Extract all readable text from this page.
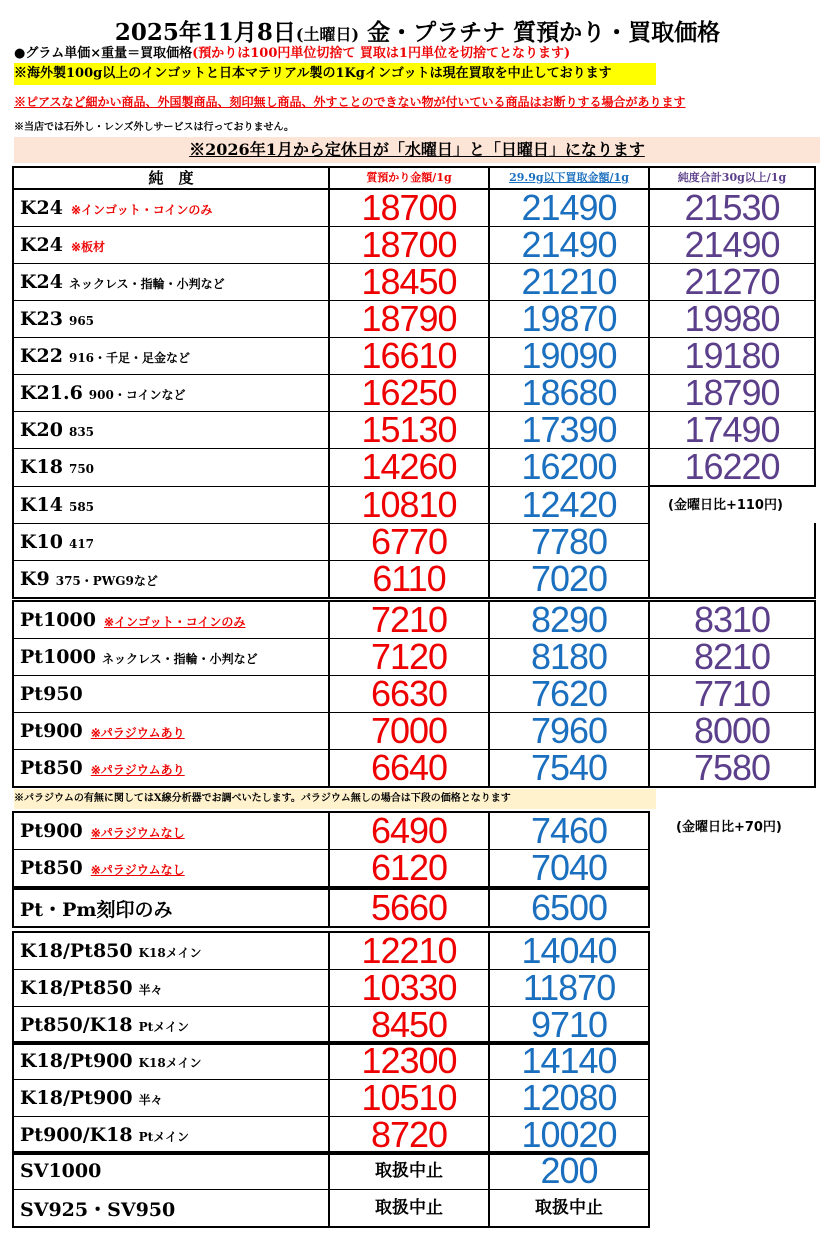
2025年11月8日(土曜日) 金・プラチナ 質預かり・買取価格
●グラム単価×重量＝買取価格(預かりは100円単位切捨て 買取は1円単位を切捨てとなります)
※海外製100g以上のインゴットと日本マテリアル製の1Kgインゴットは現在買取を中止しております
※ピアスなど細かい商品、外国製商品、刻印無し商品、外すことのできない物が付いている商品はお断りする場合があります
※当店では石外し・レンズ外しサービスは行っておりません。
※2026年1月から定休日が「水曜日」と「日曜日」になります
純　度	質預かり金額/1g	29.9g以下買取金額/1g	純度合計30g以上/1g
K24 ※インゴット・コインのみ	18700	21490	21530
K24 ※板材	18700	21490	21490
K24 ネックレス・指輪・小判など	18450	21210	21270
K23 965	18790	19870	19980
K22 916・千足・足金など	16610	19090	19180
K21.6 900・コインなど	16250	18680	18790
K20 835	15130	17390	17490
K18 750	14260	16200	16220
K14 585	10810	12420	
K10 417	6770	7780	
K9 375・PWG9など	6110	7020	
(金曜日比+110円)
Pt1000 ※インゴット・コインのみ	7210	8290	8310
Pt1000 ネックレス・指輪・小判など	7120	8180	8210
Pt950	6630	7620	7710
Pt900 ※パラジウムあり	7000	7960	8000
Pt850 ※パラジウムあり	6640	7540	7580
※パラジウムの有無に関してはX線分析器でお調べいたします。パラジウム無しの場合は下段の価格となります
Pt900 ※パラジウムなし	6490	7460
Pt850 ※パラジウムなし	6120	7040
(金曜日比+70円)
Pt・Pm刻印のみ	5660	6500
K18/Pt850 K18メイン	12210	14040
K18/Pt850 半々	10330	11870
Pt850/K18 Ptメイン	8450	9710
K18/Pt900 K18メイン	12300	14140
K18/Pt900 半々	10510	12080
Pt900/K18 Ptメイン	8720	10020
SV1000	取扱中止	200
SV925・SV950	取扱中止	取扱中止
